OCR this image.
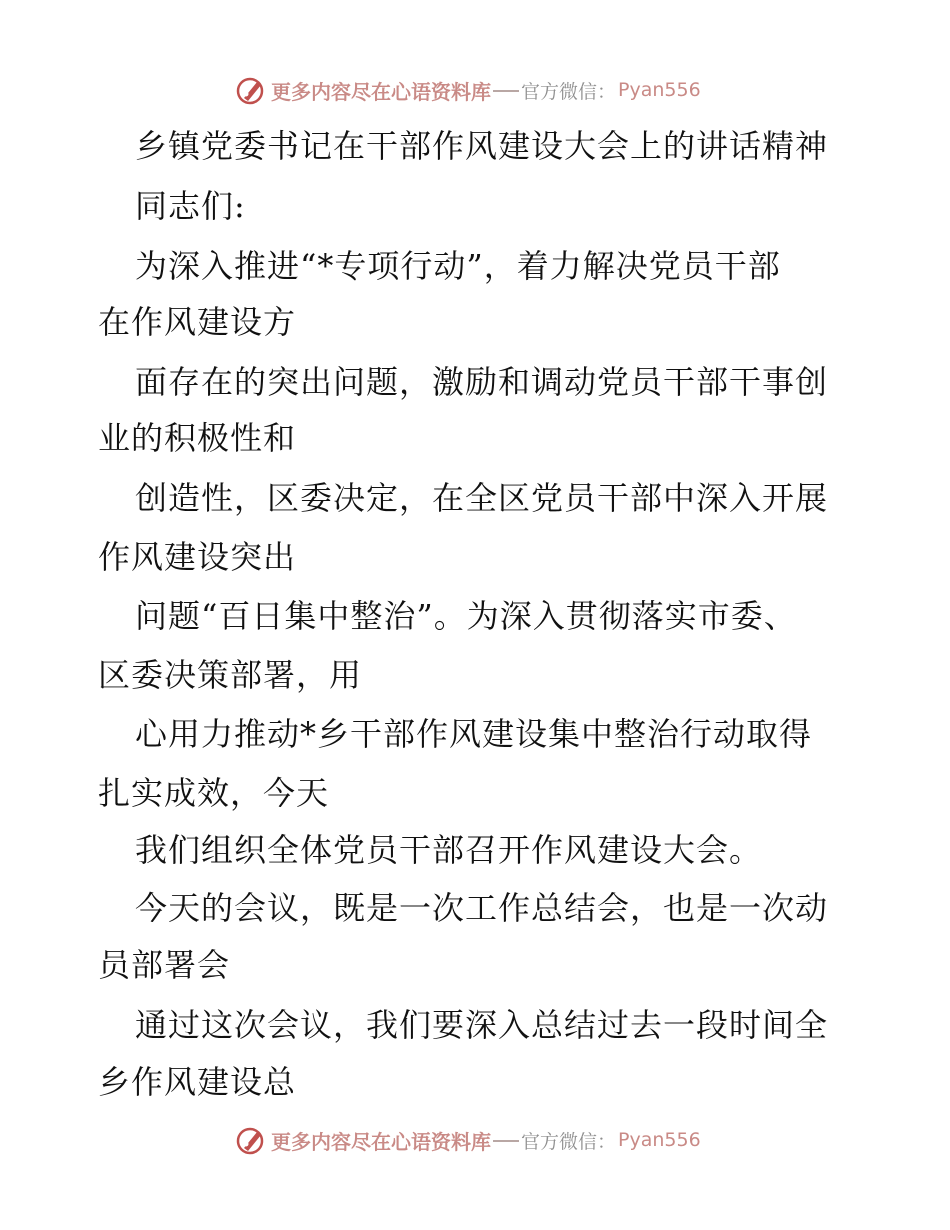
更多内容尽在心语资料库 官方微信： Pyan556
乡镇党委书记在干部作风建设大会上的讲话精神
同志们:
为深入推进“*专项行动”，着力解决党员干部
在作风建设方
面存在的突出问题，激励和调动党员干部干事创
业的积极性和
创造性，区委决定，在全区党员干部中深入开展
作风建设突出
问题“百日集中整治”。为深入贯彻落实市委、
区委决策部署，用
心用力推动*乡干部作风建设集中整治行动取得
扎实成效，今天
我们组织全体党员干部召开作风建设大会。
今天的会议，既是一次工作总结会，也是一次动
员部署会
通过这次会议，我们要深入总结过去一段时间全
乡作风建设总
更多内容尽在心语资料库 官方微信： Pyan556
